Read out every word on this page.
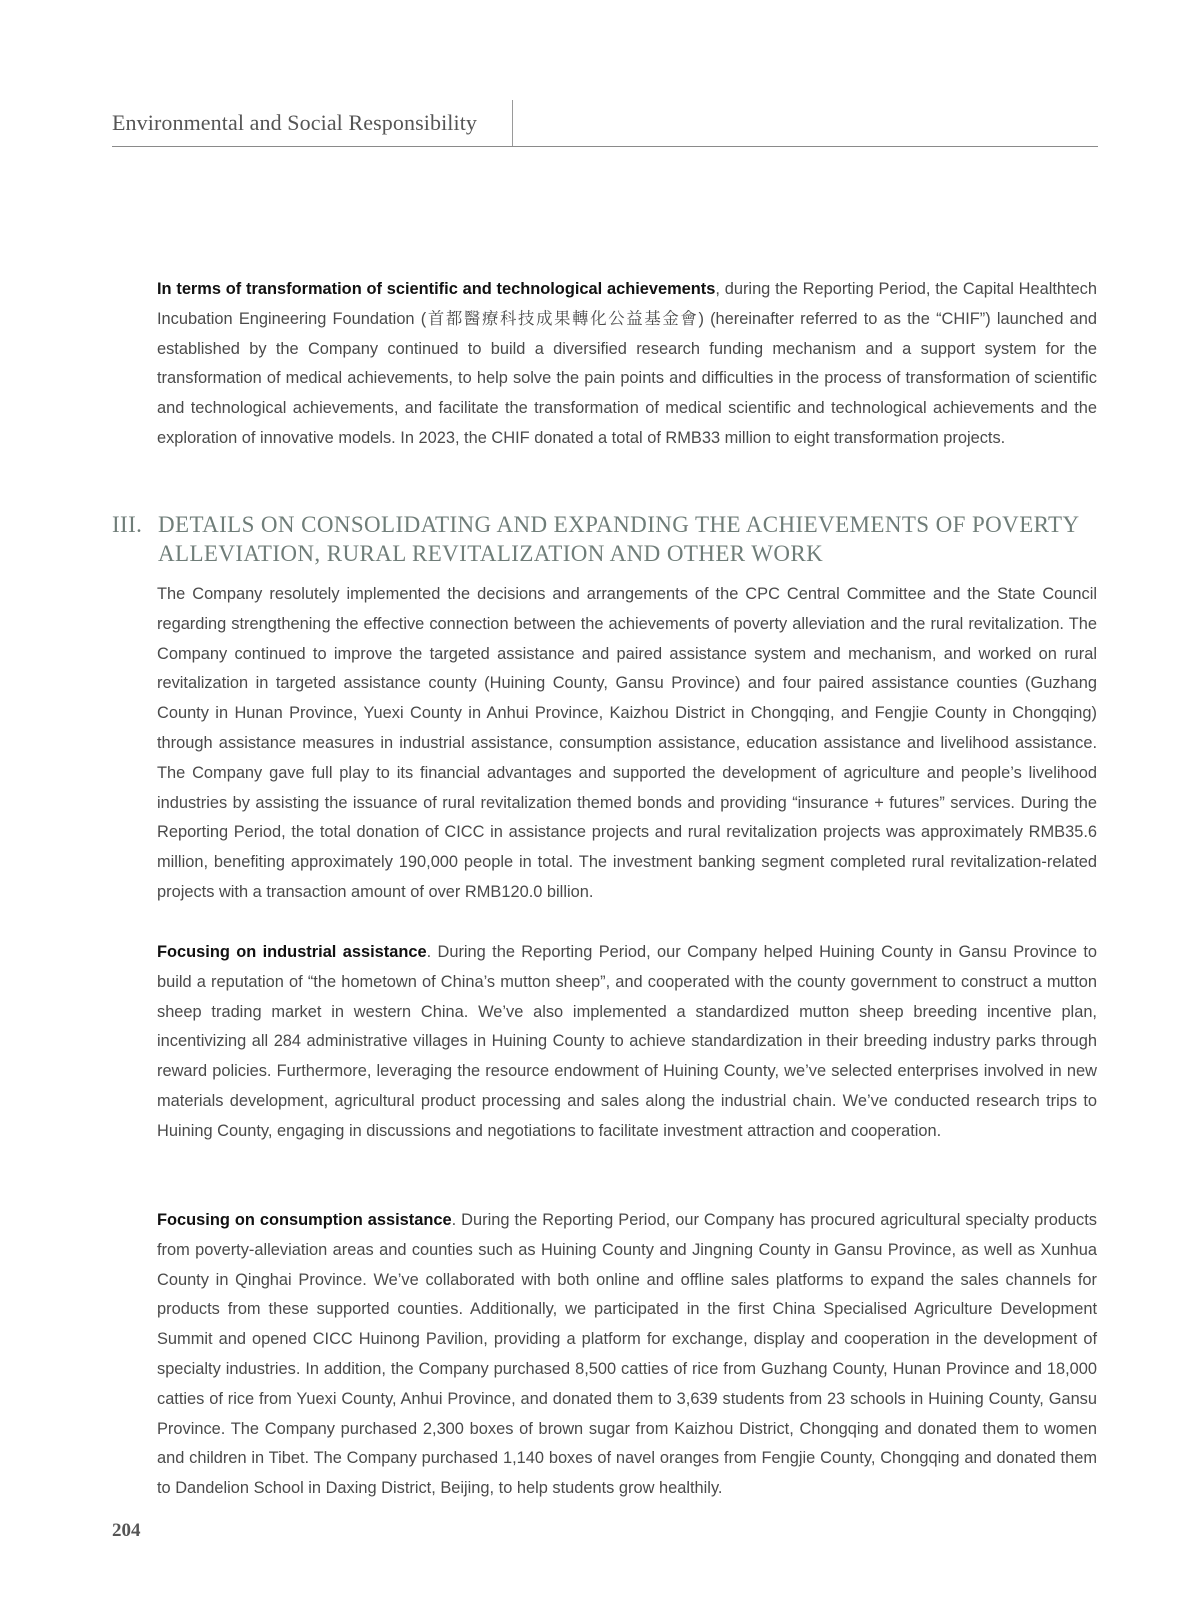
Environmental and Social Responsibility

In terms of transformation of scientific and technological achievements, during the Reporting Period, the Capital Healthtech Incubation Engineering Foundation (首都醫療科技成果轉化公益基金會) (hereinafter referred to as the “CHIF”) launched and established by the Company continued to build a diversified research funding mechanism and a support system for the transformation of medical achievements, to help solve the pain points and difficulties in the process of transformation of scientific and technological achievements, and facilitate the transformation of medical scientific and technological achievements and the exploration of innovative models. In 2023, the CHIF donated a total of RMB33 million to eight transformation projects.

III. DETAILS ON CONSOLIDATING AND EXPANDING THE ACHIEVEMENTS OF POVERTY ALLEVIATION, RURAL REVITALIZATION AND OTHER WORK

The Company resolutely implemented the decisions and arrangements of the CPC Central Committee and the State Council regarding strengthening the effective connection between the achievements of poverty alleviation and the rural revitalization. The Company continued to improve the targeted assistance and paired assistance system and mechanism, and worked on rural revitalization in targeted assistance county (Huining County, Gansu Province) and four paired assistance counties (Guzhang County in Hunan Province, Yuexi County in Anhui Province, Kaizhou District in Chongqing, and Fengjie County in Chongqing) through assistance measures in industrial assistance, consumption assistance, education assistance and livelihood assistance. The Company gave full play to its financial advantages and supported the development of agriculture and people’s livelihood industries by assisting the issuance of rural revitalization themed bonds and providing “insurance + futures” services. During the Reporting Period, the total donation of CICC in assistance projects and rural revitalization projects was approximately RMB35.6 million, benefiting approximately 190,000 people in total. The investment banking segment completed rural revitalization-related projects with a transaction amount of over RMB120.0 billion.

Focusing on industrial assistance. During the Reporting Period, our Company helped Huining County in Gansu Province to build a reputation of “the hometown of China’s mutton sheep”, and cooperated with the county government to construct a mutton sheep trading market in western China. We’ve also implemented a standardized mutton sheep breeding incentive plan, incentivizing all 284 administrative villages in Huining County to achieve standardization in their breeding industry parks through reward policies. Furthermore, leveraging the resource endowment of Huining County, we’ve selected enterprises involved in new materials development, agricultural product processing and sales along the industrial chain. We’ve conducted research trips to Huining County, engaging in discussions and negotiations to facilitate investment attraction and cooperation.

Focusing on consumption assistance. During the Reporting Period, our Company has procured agricultural specialty products from poverty-alleviation areas and counties such as Huining County and Jingning County in Gansu Province, as well as Xunhua County in Qinghai Province. We’ve collaborated with both online and offline sales platforms to expand the sales channels for products from these supported counties. Additionally, we participated in the first China Specialised Agriculture Development Summit and opened CICC Huinong Pavilion, providing a platform for exchange, display and cooperation in the development of specialty industries. In addition, the Company purchased 8,500 catties of rice from Guzhang County, Hunan Province and 18,000 catties of rice from Yuexi County, Anhui Province, and donated them to 3,639 students from 23 schools in Huining County, Gansu Province. The Company purchased 2,300 boxes of brown sugar from Kaizhou District, Chongqing and donated them to women and children in Tibet. The Company purchased 1,140 boxes of navel oranges from Fengjie County, Chongqing and donated them to Dandelion School in Daxing District, Beijing, to help students grow healthily.

204
